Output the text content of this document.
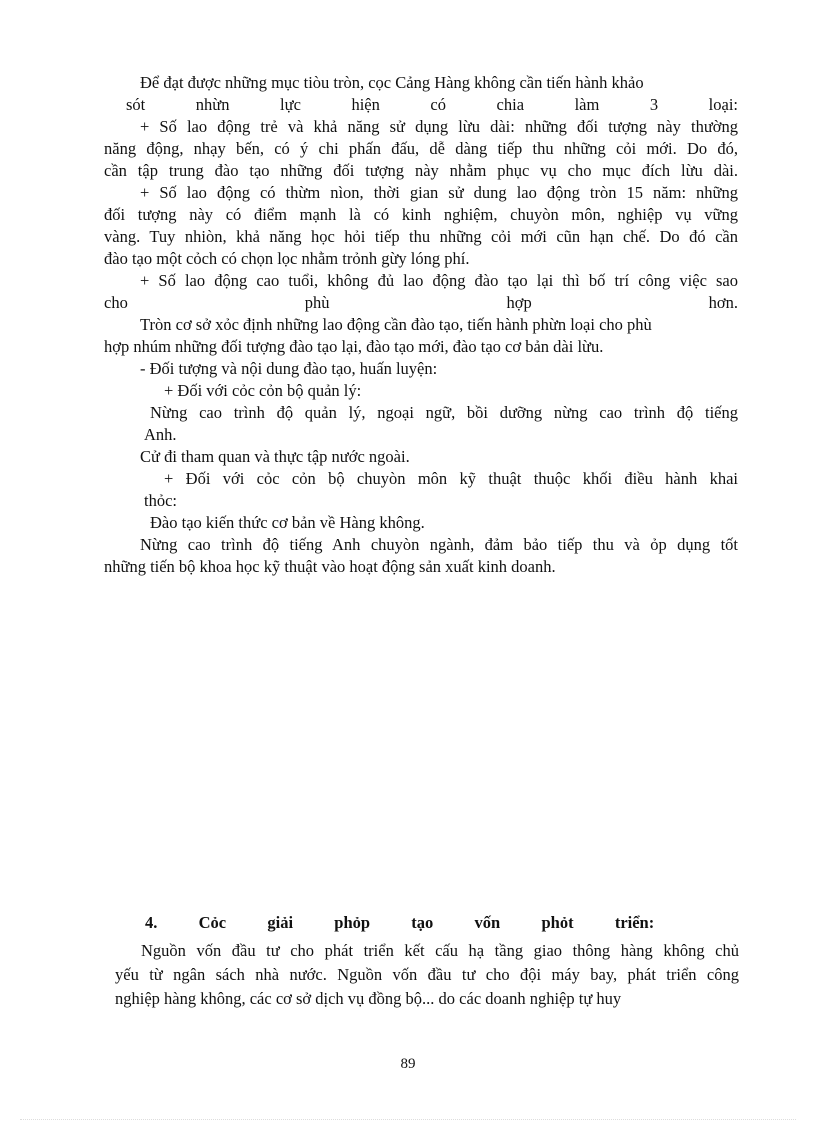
Để đạt được những mục tiòu tròn, cọc Cảng Hàng không cần tiến hành khảo
sót nhừn lực hiện có chia làm 3 loại:
+ Số lao động trẻ và khả năng sử dụng lừu dài: những đối tượng này thường
năng động, nhạy bến, có ý chi phấn đấu, dễ dàng tiếp thu những cỏi mới. Do đó,
cần tập trung đào tạo những đối tượng này nhằm phục vụ cho mục đích lừu dài.
+ Số lao động có thừm nìon, thời gian sử dung lao động tròn 15 năm: những
đối tượng này có điểm mạnh là có kinh nghiệm, chuyòn môn, nghiệp vụ vững
vàng. Tuy nhiòn, khả năng học hỏi tiếp thu những cỏi mới cũn hạn chế. Do đó cần
đào tạo một cỏch có chọn lọc nhằm trỏnh gừy lóng phí.
+ Số lao động cao tuổi, không đủ lao động đào tạo lại thì bố trí công việc sao
cho phù hợp hơn.
Tròn cơ sở xỏc định những lao động cần đào tạo, tiến hành phừn loại cho phù
hợp nhúm những đối tượng đào tạo lại, đào tạo mới, đào tạo cơ bản dài lừu.
- Đối tượng và nội dung đào tạo, huấn luyện:
+ Đối với cỏc cỏn bộ quản lý:
Nừng cao trình độ quản lý, ngoại ngữ, bồi dưỡng nừng cao trình độ tiếng
Anh.
Cử đi tham quan và thực tập nước ngoài.
+ Đối với cỏc cỏn bộ chuyòn môn kỹ thuật thuộc khối điều hành khai
thỏc:
Đào tạo kiến thức cơ bản về Hàng không.
Nừng cao trình độ tiếng Anh chuyòn ngành, đảm bảo tiếp thu và ỏp dụng tốt
những tiến bộ khoa học kỹ thuật vào hoạt động sản xuất kinh doanh.
4.          Cỏc          giải          phỏp          tạo          vốn          phỏt          triển:
Nguồn vốn đầu tư cho phát triển kết cấu hạ tầng giao thông hàng không chủ
yếu từ ngân sách nhà nước. Nguồn vốn đầu tư cho đội máy bay, phát triển công
nghiệp hàng không, các cơ sở dịch vụ đồng bộ... do các doanh nghiệp tự huy
89
